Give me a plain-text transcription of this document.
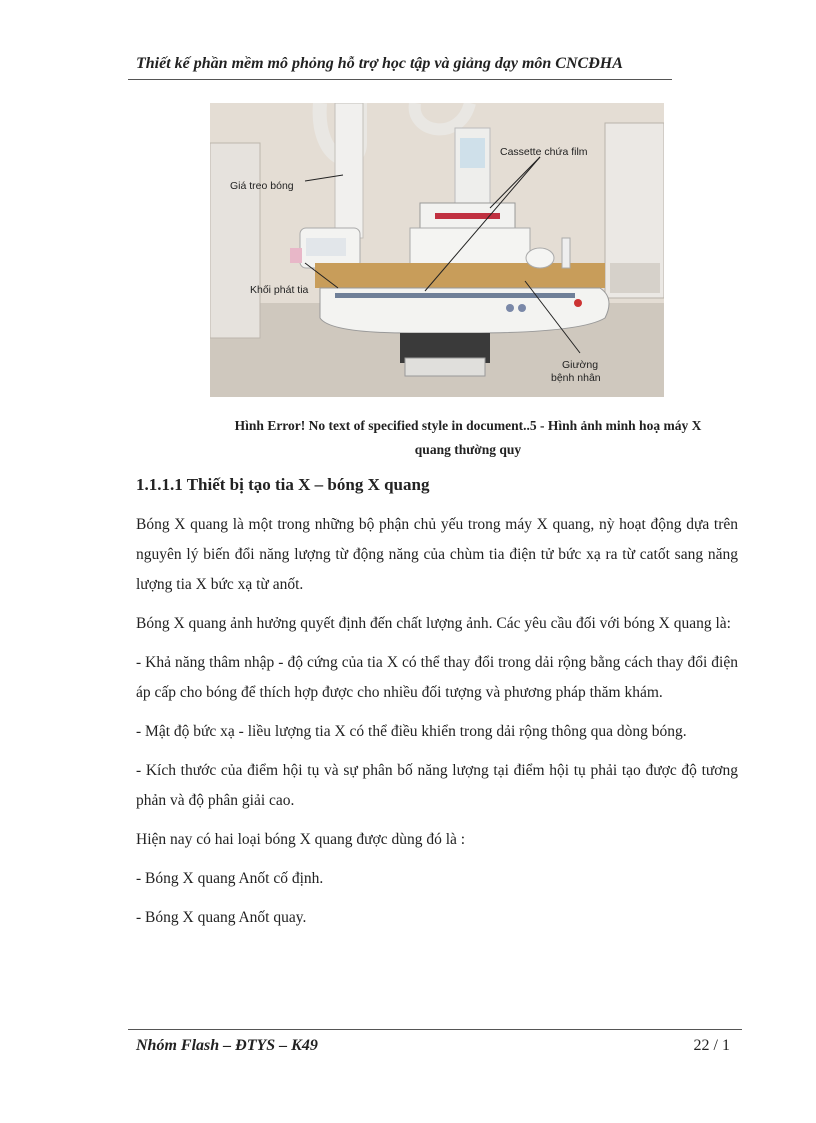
Thiết kế phần mềm mô phỏng hỗ trợ học tập và giảng dạy môn CNCĐHA
Giá treo bóng
Cassette chứa film
Khối phát tia
Giường
bệnh nhân
Hình Error! No text of specified style in document..5 - Hình ảnh minh hoạ máy X
quang thường quy
1.1.1.1 Thiết bị tạo tia X – bóng X quang

Bóng X quang là một trong những bộ phận chủ yếu trong máy X quang, nỳ hoạt động dựa trên nguyên lý biến đổi năng lượng từ động năng của chùm tia điện tử bức xạ ra từ catốt sang năng lượng tia X bức xạ từ anốt.

Bóng X quang ảnh hưởng quyết định đến chất lượng ảnh. Các yêu cầu đối với bóng X quang là:

- Khả năng thâm nhập - độ cứng của tia X có thể thay đổi trong dải rộng bằng cách thay đổi điện áp cấp cho bóng để thích hợp được cho nhiều đối tượng và phương pháp thăm khám.

- Mật độ bức xạ - liều lượng tia X có thể điều khiển trong dải rộng thông qua dòng bóng.

- Kích thước của điểm hội tụ và sự phân bố năng lượng tại điểm hội tụ phải tạo được độ tương phản và độ phân giải cao.

Hiện nay có hai loại bóng X quang được dùng đó là :

- Bóng X quang Anốt cố định.

- Bóng X quang Anốt quay.

Nhóm Flash – ĐTYS – K49	22 / 1
